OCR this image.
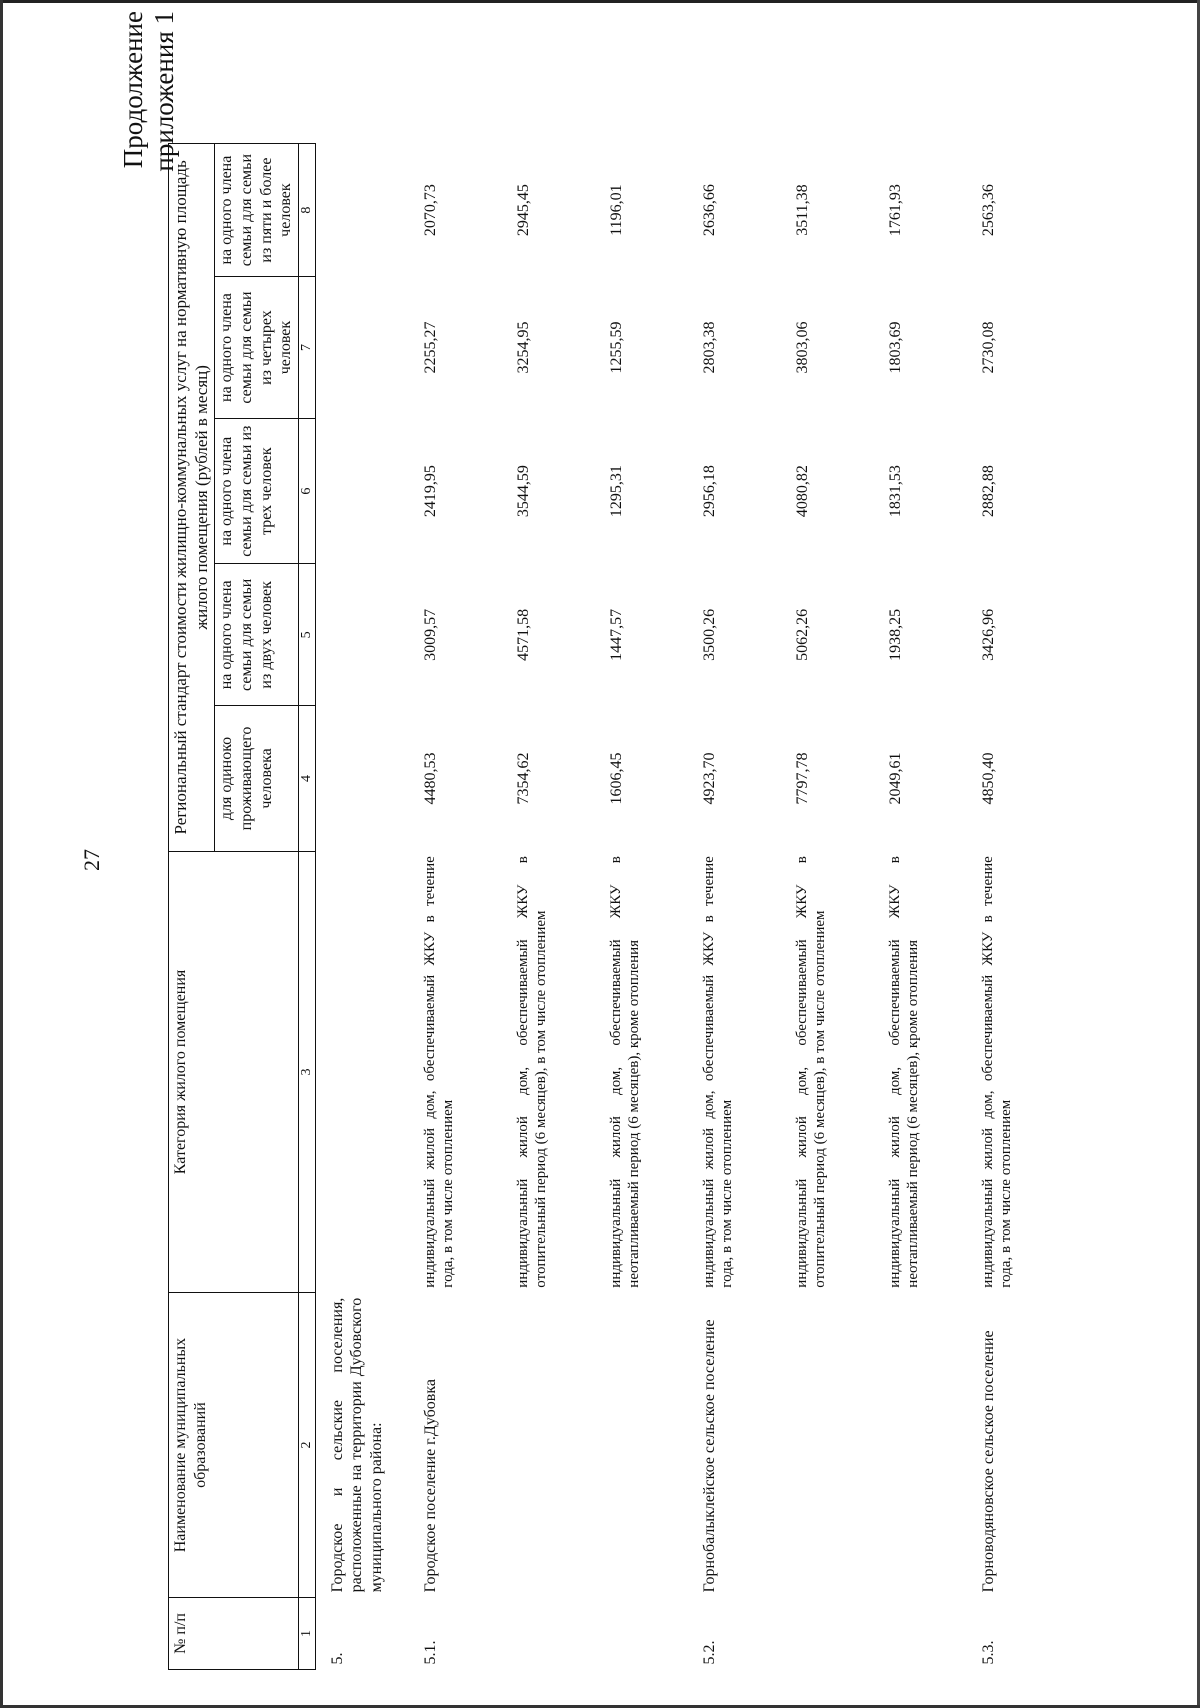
27
Продолжение приложения 1
№ п/п	Наименование муниципальных образований	Категория жилого помещения	Региональный стандарт стоимости жилищно-коммунальных услуг на нормативную площадь жилого помещения (рублей в месяц)				
			для одиноко проживающего человека	на одного члена семьи для семьи из двух человек	на одного члена семьи для семьи из трех человек	на одного члена семьи для семьи из четырех человек	на одного члена семьи для семьи из пяти и более человек
1	2	3	4	5	6	7	8
5.	Городское и сельские поселения, расположенные на территории Дубовского муниципального района:						
5.1.	Городское поселение г.Дубовка	индивидуальный жилой дом, обеспечиваемый ЖКУ в течение года, в том числе отоплением	4480,53	3009,57	2419,95	2255,27	2070,73
		индивидуальный жилой дом, обеспечиваемый ЖКУ в отопительный период (6 месяцев), в том числе отоплением	7354,62	4571,58	3544,59	3254,95	2945,45
		индивидуальный жилой дом, обеспечиваемый ЖКУ в неотапливаемый период (6 месяцев), кроме отопления	1606,45	1447,57	1295,31	1255,59	1196,01
5.2.	Горнобалыклейское сельское поселение	индивидуальный жилой дом, обеспечиваемый ЖКУ в течение года, в том числе отоплением	4923,70	3500,26	2956,18	2803,38	2636,66
		индивидуальный жилой дом, обеспечиваемый ЖКУ в отопительный период (6 месяцев), в том числе отоплением	7797,78	5062,26	4080,82	3803,06	3511,38
		индивидуальный жилой дом, обеспечиваемый ЖКУ в неотапливаемый период (6 месяцев), кроме отопления	2049,61	1938,25	1831,53	1803,69	1761,93
5.3.	Горноводяновское сельское поселение	индивидуальный жилой дом, обеспечиваемый ЖКУ в течение года, в том числе отоплением	4850,40	3426,96	2882,88	2730,08	2563,36
